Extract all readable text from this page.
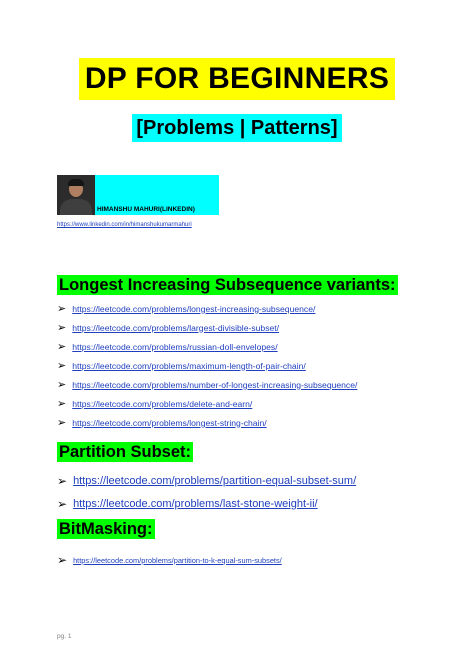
DP FOR BEGINNERS
[Problems | Patterns]
HIMANSHU MAHURI(LINKEDIN)
https://www.linkedin.com/in/himanshukumarmahuri
Longest Increasing Subsequence variants:
➢ https://leetcode.com/problems/longest-increasing-subsequence/
➢ https://leetcode.com/problems/largest-divisible-subset/
➢ https://leetcode.com/problems/russian-doll-envelopes/
➢ https://leetcode.com/problems/maximum-length-of-pair-chain/
➢ https://leetcode.com/problems/number-of-longest-increasing-subsequence/
➢ https://leetcode.com/problems/delete-and-earn/
➢ https://leetcode.com/problems/longest-string-chain/
Partition Subset:
➢ https://leetcode.com/problems/partition-equal-subset-sum/
➢ https://leetcode.com/problems/last-stone-weight-ii/
BitMasking:
➢ https://leetcode.com/problems/partition-to-k-equal-sum-subsets/
pg. 1
